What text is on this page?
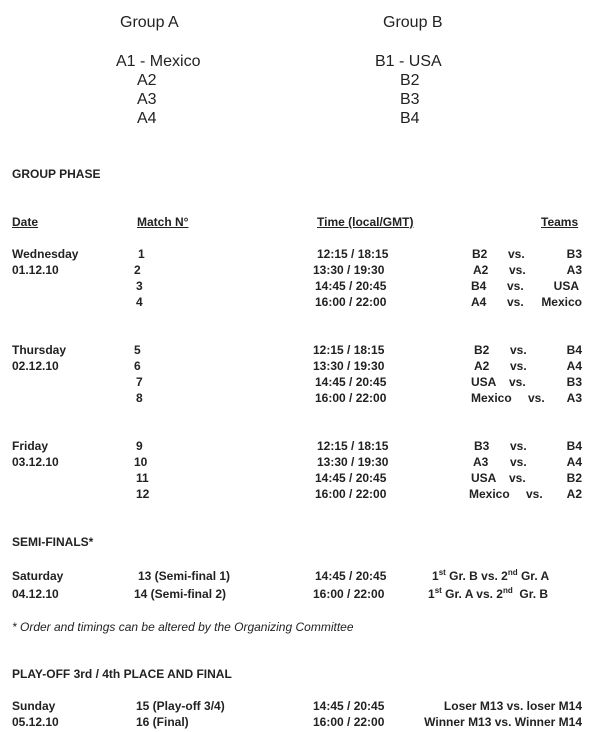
Group A	Group B
A1 - Mexico
A2
A3
A4
B1 - USA
B2
B3
B4
GROUP PHASE
Date	Match N°	Time (local/GMT)	Teams
Wednesday
01.12.10
1	12:15 / 18:15	B2 vs.	B3
2	13:30 / 19:30	A2 vs.	A3
3	14:45 / 20:45	B4 vs. USA
4	16:00 / 22:00	A4 vs. Mexico
Thursday
02.12.10
5	12:15 / 18:15	B2 vs.	B4
6	13:30 / 19:30	A2 vs.	A4
7	14:45 / 20:45	USA vs.	B3
8	16:00 / 22:00	Mexico vs. A3
Friday
03.12.10
9	12:15 / 18:15	B3 vs.	B4
10	13:30 / 19:30	A3 vs.	A4
11	14:45 / 20:45	USA vs.	B2
12	16:00 / 22:00	Mexico vs. A2
SEMI-FINALS*
Saturday
04.12.10
13 (Semi-final 1)	14:45 / 20:45	1st Gr. B vs. 2nd Gr. A
14 (Semi-final 2)	16:00 / 22:00	1st Gr. A vs. 2nd  Gr. B
* Order and timings can be altered by the Organizing Committee
PLAY-OFF 3rd / 4th PLACE AND FINAL
Sunday
05.12.10
15 (Play-off 3/4)	14:45 / 20:45	Loser M13 vs. loser M14
16 (Final)	16:00 / 22:00	Winner M13 vs. Winner M14
